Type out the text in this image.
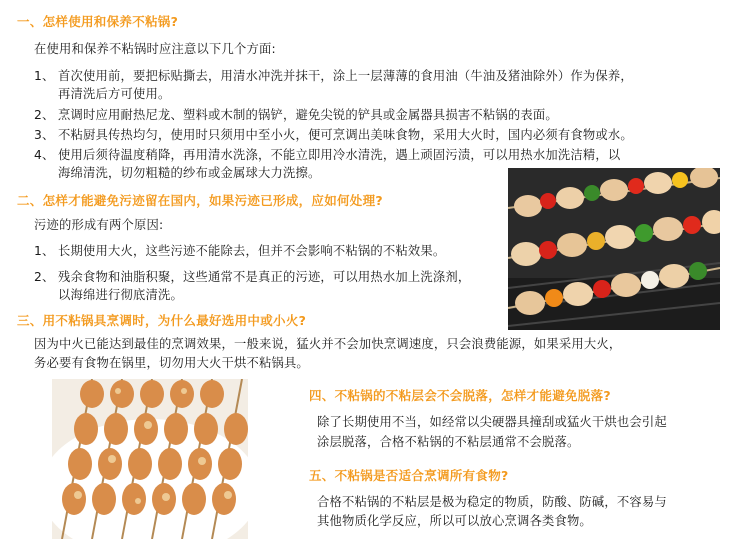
一、怎样使用和保养不粘锅?
在使用和保养不粘锅时应注意以下几个方面:
1、 首次使用前，要把标贴撕去，用清水冲洗并抹干，涂上一层薄薄的食用油（牛油及猪油除外）作为保养，
再清洗后方可使用。
2、 烹调时应用耐热尼龙、塑料或木制的锅铲，避免尖锐的铲具或金属器具损害不粘锅的表面。
3、 不粘厨具传热均匀，使用时只须用中至小火，便可烹调出美味食物，采用大火时，国内必须有食物或水。
4、 使用后须待温度稍降，再用清水洗涤，不能立即用冷水清洗，遇上顽固污渍，可以用热水加洗洁精，以
海绵清洗，切勿粗糙的纱布或金属球大力洗擦。
二、怎样才能避免污迹留在国内，如果污迹已形成，应如何处理?
污迹的形成有两个原因:
1、 长期使用大火，这些污迹不能除去，但并不会影响不粘锅的不粘效果。
2、 残余食物和油脂积聚，这些通常不是真正的污迹，可以用热水加上洗涤剂，
以海绵进行彻底清洗。
三、用不粘锅具烹调时，为什么最好选用中或小火?
因为中火已能达到最佳的烹调效果，一般来说，猛火并不会加快烹调速度，只会浪费能源，如果采用大火，
务必要有食物在锅里，切勿用大火干烘不粘锅具。
四、不粘锅的不粘层会不会脱落，怎样才能避免脱落?
除了长期使用不当，如经常以尖硬器具撞刮或猛火干烘也会引起
涂层脱落，合格不粘锅的不粘层通常不会脱落。
五、不粘锅是否适合烹调所有食物?
合格不粘锅的不粘层是极为稳定的物质，防酸、防碱，不容易与
其他物质化学反应，所以可以放心烹调各类食物。
